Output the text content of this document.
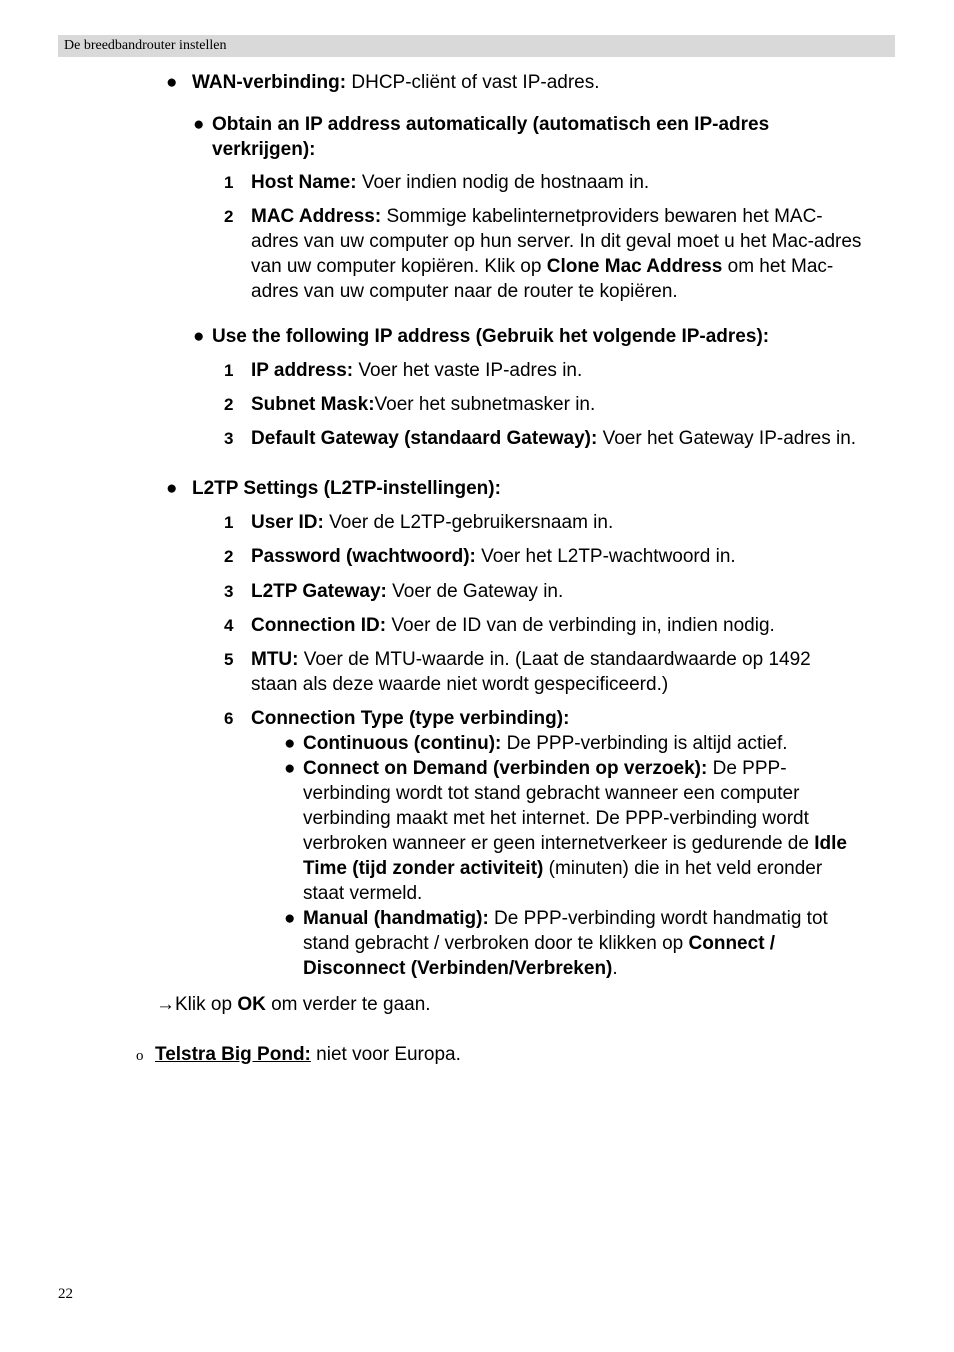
De breedbandrouter instellen
● WAN-verbinding: DHCP-cliënt of vast IP-adres.
● Obtain an IP address automatically (automatisch een IP-adres
verkrijgen):
1 Host Name: Voer indien nodig de hostnaam in.
2 MAC Address: Sommige kabelinternetproviders bewaren het MAC-
adres van uw computer op hun server. In dit geval moet u het Mac-adres
van uw computer kopiëren. Klik op Clone Mac Address om het Mac-
adres van uw computer naar de router te kopiëren.
● Use the following IP address (Gebruik het volgende IP-adres):
1 IP address: Voer het vaste IP-adres in.
2 Subnet Mask:Voer het subnetmasker in.
3 Default Gateway (standaard Gateway): Voer het Gateway IP-adres in.
● L2TP Settings (L2TP-instellingen):
1 User ID: Voer de L2TP-gebruikersnaam in.
2 Password (wachtwoord): Voer het L2TP-wachtwoord in.
3 L2TP Gateway: Voer de Gateway in.
4 Connection ID: Voer de ID van de verbinding in, indien nodig.
5 MTU: Voer de MTU-waarde in. (Laat de standaardwaarde op 1492
staan als deze waarde niet wordt gespecificeerd.)
6 Connection Type (type verbinding):
● Continuous (continu): De PPP-verbinding is altijd actief.
● Connect on Demand (verbinden op verzoek): De PPP-
verbinding wordt tot stand gebracht wanneer een computer
verbinding maakt met het internet. De PPP-verbinding wordt
verbroken wanneer er geen internetverkeer is gedurende de Idle
Time (tijd zonder activiteit) (minuten) die in het veld eronder
staat vermeld.
● Manual (handmatig): De PPP-verbinding wordt handmatig tot
stand gebracht / verbroken door te klikken op Connect /
Disconnect (Verbinden/Verbreken).
→Klik op OK om verder te gaan.
o Telstra Big Pond: niet voor Europa.
22
